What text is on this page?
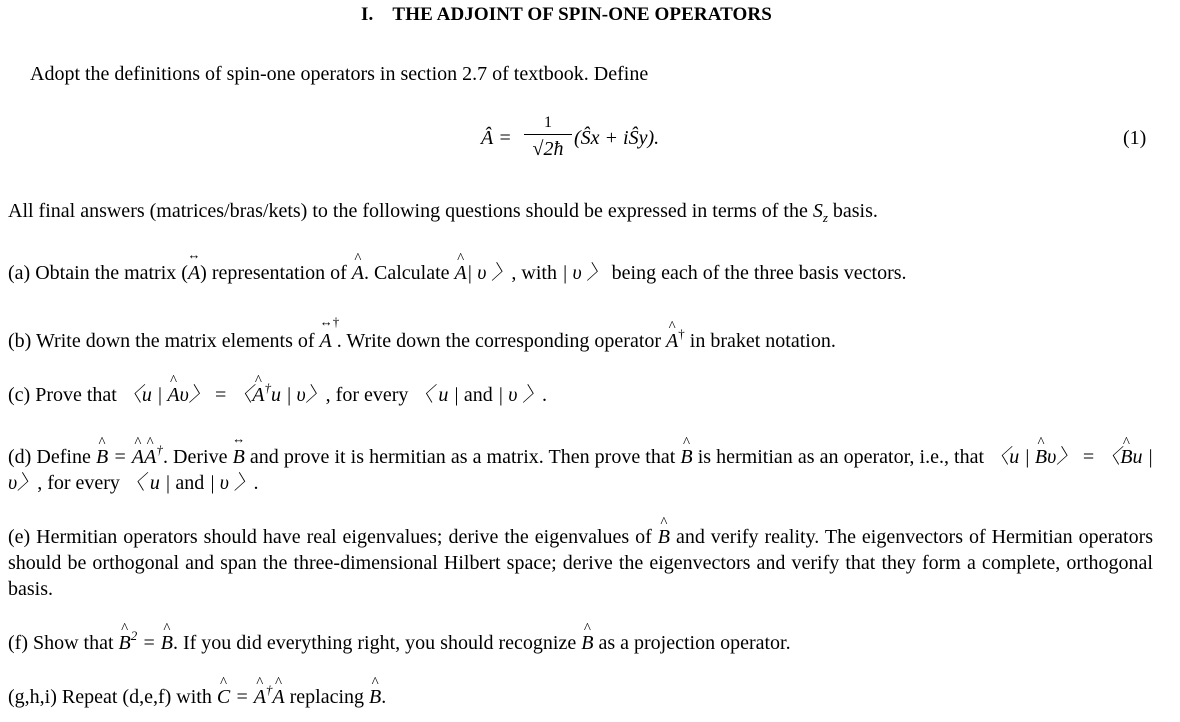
I. THE ADJOINT OF SPIN-ONE OPERATORS
Adopt the definitions of spin-one operators in section 2.7 of textbook. Define
Â =
1
√2ħ (Ŝx + iŜy).	(1)
All final answers (matrices/bras/kets) to the following questions should be expressed in terms of the $S_z$ basis.
(a) Obtain the matrix (↔ A) representation of A ^. Calculate A ^| υ 〉, with | υ 〉 being each of the three basis vectors.
(b) Write down the matrix elements of ↔† A . Write down the corresponding operator A ^† in braket notation.
(c) Prove that 〈u | A ^υ〉 = 〈A ^†u | υ〉, for every 〈 u | and | υ 〉.
(d) Define B ^ = A ^A ^†. Derive ↔ B and prove it is hermitian as a matrix. Then prove that B ^ is hermitian as an operator, i.e., that 〈u | B ^υ〉 = 〈B ^u | υ〉, for every 〈 u | and | υ 〉.
(e) Hermitian operators should have real eigenvalues; derive the eigenvalues of B ^ and verify reality. The eigenvectors of Hermitian operators should be orthogonal and span the three-dimensional Hilbert space; derive the eigenvectors and verify that they form a complete, orthogonal basis.
(f) Show that B ^$^2$ = B ^. If you did everything right, you should recognize B ^ as a projection operator.
(g,h,i) Repeat (d,e,f) with C ^ = A ^†A ^ replacing B ^.
